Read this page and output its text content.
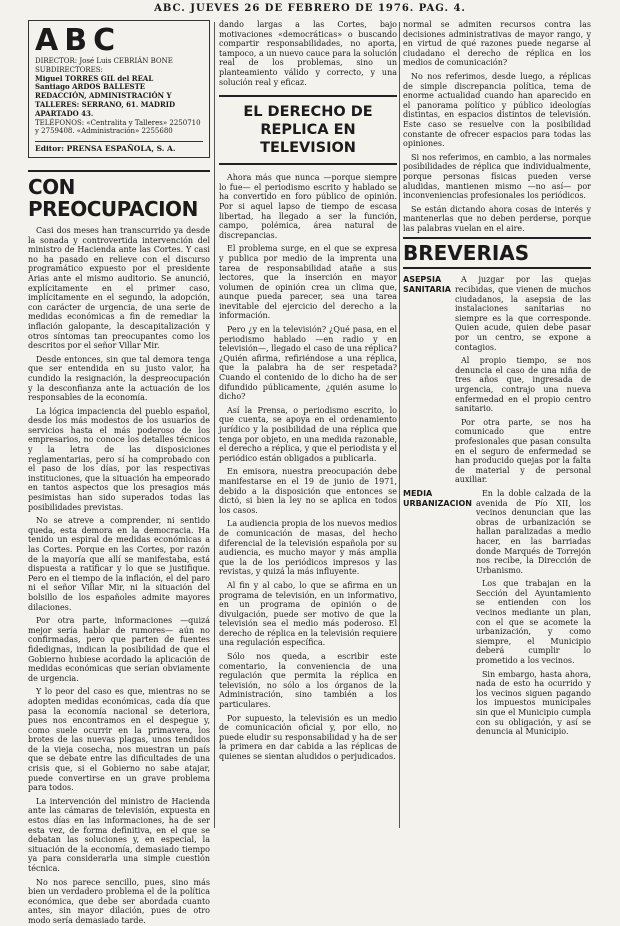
ABC. JUEVES 26 DE FEBRERO DE 1976. PAG. 4.
ABC
DIRECTOR: José Luis CEBRIÁN BONE
SUBDIRECTORES:
Miguel TORRES GIL del REAL
Santiago ARDOS BALLESTE
REDACCIÓN, ADMINISTRACIÓN Y TALLERES: SERRANO, 61. MADRID
APARTADO 43.
TELÉFONOS: «Centralita y Talleres» 2250710 y 2759408. «Administración» 2255680
Editor: PRENSA ESPAÑOLA, S. A.
CON PREOCUPACION

Casi dos meses han transcurrido ya desde la sonada y controvertida intervención del ministro de Hacienda ante las Cortes. Y casi no ha pasado en relieve con el discurso programático expuesto por el presidente Arias ante el mismo auditorio. Se anunció, explícitamente en el primer caso, implícitamente en el segundo, la adopción, con carácter de urgencia, de una serie de medidas económicas a fin de remediar la inflación galopante, la descapitalización y otros síntomas tan preocupantes como los descritos por el señor Villar Mir.

Desde entonces, sin que tal demora tenga que ser entendida en su justo valor, ha cundido la resignación, la despreocupación y la desconfianza ante la actuación de los responsables de la economía.

La lógica impaciencia del pueblo español, desde los más modestos de los usuarios de servicios hasta el más poderoso de los empresarios, no conoce los detalles técnicos y la letra de las disposiciones reglamentarias, pero sí ha comprobado con el paso de los días, por las respectivas instituciones, que la situación ha empeorado en tantos aspectos que los presagios más pesimistas han sido superados todas las posibilidades previstas.

No se atreve a comprender, ni sentido queda, esta demora en la democracia. Ha tenido un espiral de medidas económicas a las Cortes. Porque en las Cortes, por razón de la mayoría que allí se manifestaba, está dispuesta a ratificar y lo que se justifique. Pero en el tiempo de la inflación, el del paro ni el señor Villar Mir, ni la situación del bolsillo de los españoles admite mayores dilaciones.

Por otra parte, informaciones —quizá mejor sería hablar de rumores— aún no confirmadas, pero que parten de fuentes fidedignas, indican la posibilidad de que el Gobierno hubiese acordado la aplicación de medidas económicas que serían obviamente de urgencia.

Y lo peor del caso es que, mientras no se adopten medidas económicas, cada día que pasa la economía nacional se deteriora, pues nos encontramos en el despegue y, como suele ocurrir en la primavera, los brotes de las nuevas plagas, unos tendidos de la vieja cosecha, nos muestran un país que se debate entre las dificultades de una crisis que, si el Gobierno no sabe atajar, puede convertirse en un grave problema para todos.

La intervención del ministro de Hacienda ante las cámaras de televisión, expuesta en estos días en las informaciones, ha de ser esta vez, de forma definitiva, en el que se debatan las soluciones y, en especial, la situación de la economía, demasiado tiempo ya para considerarla una simple cuestión técnica.

No nos parece sencillo, pues, sino más bien un verdadero problema el de la política económica, que debe ser abordada cuanto antes, sin mayor dilación, pues de otro modo sería demasiado tarde.

dando largas a las Cortes, bajo motivaciones «democráticas» o buscando compartir responsabilidades, no aporta, tampoco, a un nuevo cauce para la solución real de los problemas, sino un planteamiento válido y correcto, y una solución real y eficaz.

EL DERECHO DE REPLICA EN TELEVISION

Ahora más que nunca —porque siempre lo fue— el periodismo escrito y hablado se ha convertido en foro público de opinión. Por si aquel lapso de tiempo de escasa libertad, ha llegado a ser la función, campo, polémica, área natural de discrepancias.

El problema surge, en el que se expresa y publica por medio de la imprenta una tarea de responsabilidad atañe a sus lectores, que la inserción en mayor volumen de opinión crea un clima que, aunque pueda parecer, sea una tarea inevitable del ejercicio del derecho a la información.

Pero ¿y en la televisión? ¿Qué pasa, en el periodismo hablado —en radio y en televisión—, llegado el caso de una réplica? ¿Quién afirma, refiriéndose a una réplica, que la palabra ha de ser respetada? Cuando el contenido de lo dicho ha de ser difundido públicamente, ¿quién asume lo dicho?

Así la Prensa, o periodismo escrito, lo que cuenta, se apoya en el ordenamiento jurídico y la posibilidad de una réplica que tenga por objeto, en una medida razonable, el derecho a réplica, y que el periodista y el periódico están obligados a publicarla.

En emisora, nuestra preocupación debe manifestarse en el 19 de junio de 1971, debido a la disposición que entonces se dictó, si bien la ley no se aplica en todos los casos.

La audiencia propia de los nuevos medios de comunicación de masas, del hecho diferencial de la televisión española por su audiencia, es mucho mayor y más amplia que la de los periódicos impresos y las revistas, y quizá la más influyente.

Al fin y al cabo, lo que se afirma en un programa de televisión, en un informativo, en un programa de opinión o de divulgación, puede ser motivo de que la televisión sea el medio más poderoso. El derecho de réplica en la televisión requiere una regulación específica.

Sólo nos queda, a escribir este comentario, la conveniencia de una regulación que permita la réplica en televisión, no sólo a los órganos de la Administración, sino también a los particulares.

Por supuesto, la televisión es un medio de comunicación oficial y, por ello, no puede eludir su responsabilidad y ha de ser la primera en dar cabida a las réplicas de quienes se sientan aludidos o perjudicados.

normal se admiten recursos contra las decisiones administrativas de mayor rango, y en virtud de qué razones puede negarse al ciudadano el derecho de réplica en los medios de comunicación?

No nos referimos, desde luego, a réplicas de simple discrepancia política, tema de enorme actualidad cuando han aparecido en el panorama político y público ideologías distintas, en espacios distintos de televisión. Este caso se resuelve con la posibilidad constante de ofrecer espacios para todas las opiniones.

Si nos referimos, en cambio, a las normales posibilidades de réplica que individualmente, porque personas físicas pueden verse aludidas, mantienen mismo —no así— por inconveniencias profesionales los periódicos.

Se están dictando ahora cosas de interés y mantenerlas que no deben perderse, porque las palabras vuelan en el aire.

BREVERIAS
ASEPSIA SANITARIA

A juzgar por las quejas recibidas, que vienen de muchos ciudadanos, la asepsia de las instalaciones sanitarias no siempre es la que corresponde. Quien acude, quien debe pasar por un centro, se expone a contagios.

Al propio tiempo, se nos denuncia el caso de una niña de tres años que, ingresada de urgencia, contrajo una nueva enfermedad en el propio centro sanitario.

Por otra parte, se nos ha comunicado que entre profesionales que pasan consulta en el seguro de enfermedad se han producido quejas por la falta de material y de personal auxiliar.

MEDIA URBANIZACION

En la doble calzada de la avenida de Pío XII, los vecinos denuncian que las obras de urbanización se hallan paralizadas a medio hacer, en las barriadas donde Marqués de Torrejón nos recibe, la Dirección de Urbanismo.

Los que trabajan en la Sección del Ayuntamiento se entienden con los vecinos mediante un plan, con el que se acomete la urbanización, y como siempre, el Municipio deberá cumplir lo prometido a los vecinos.

Sin embargo, hasta ahora, nada de esto ha ocurrido y los vecinos siguen pagando los impuestos municipales sin que el Municipio cumpla con su obligación, y así se denuncia al Municipio.
